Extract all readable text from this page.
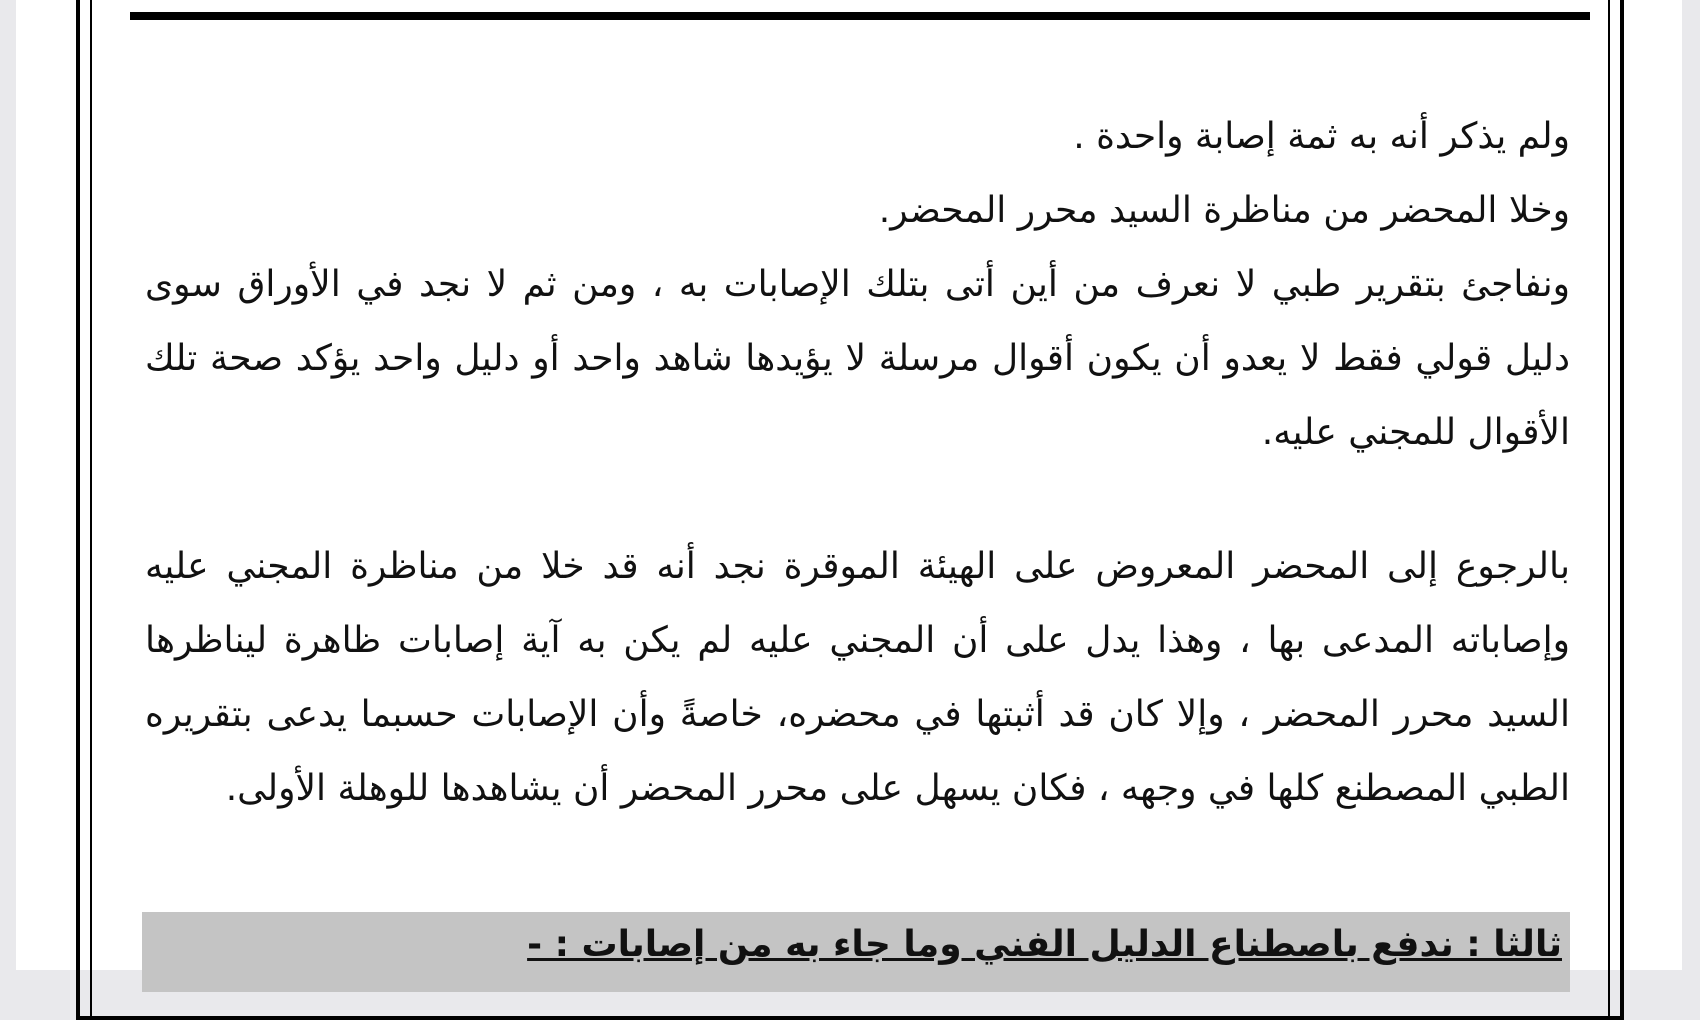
ولم يذكر أنه به ثمة إصابة واحدة .

وخلا المحضر من مناظرة السيد محرر المحضر.

ونفاجئ بتقرير طبي لا نعرف من أين أتى بتلك الإصابات به ، ومن ثم لا نجد في الأوراق سوى دليل قولي فقط لا يعدو أن يكون أقوال مرسلة لا يؤيدها شاهد واحد أو دليل واحد يؤكد صحة تلك الأقوال للمجني عليه.

بالرجوع إلى المحضر المعروض على الهيئة الموقرة نجد أنه قد خلا من مناظرة المجني عليه وإصاباته المدعى بها ، وهذا يدل على أن المجني عليه لم يكن به آية إصابات ظاهرة ليناظرها السيد محرر المحضر ، وإلا كان قد أثبتها في محضره، خاصةً وأن الإصابات حسبما يدعى بتقريره الطبي المصطنع كلها في وجهه ، فكان يسهل على محرر المحضر أن يشاهدها للوهلة الأولى.

ثالثا : ندفع باصطناع الدليل الفني وما جاء به من إصابات : -
